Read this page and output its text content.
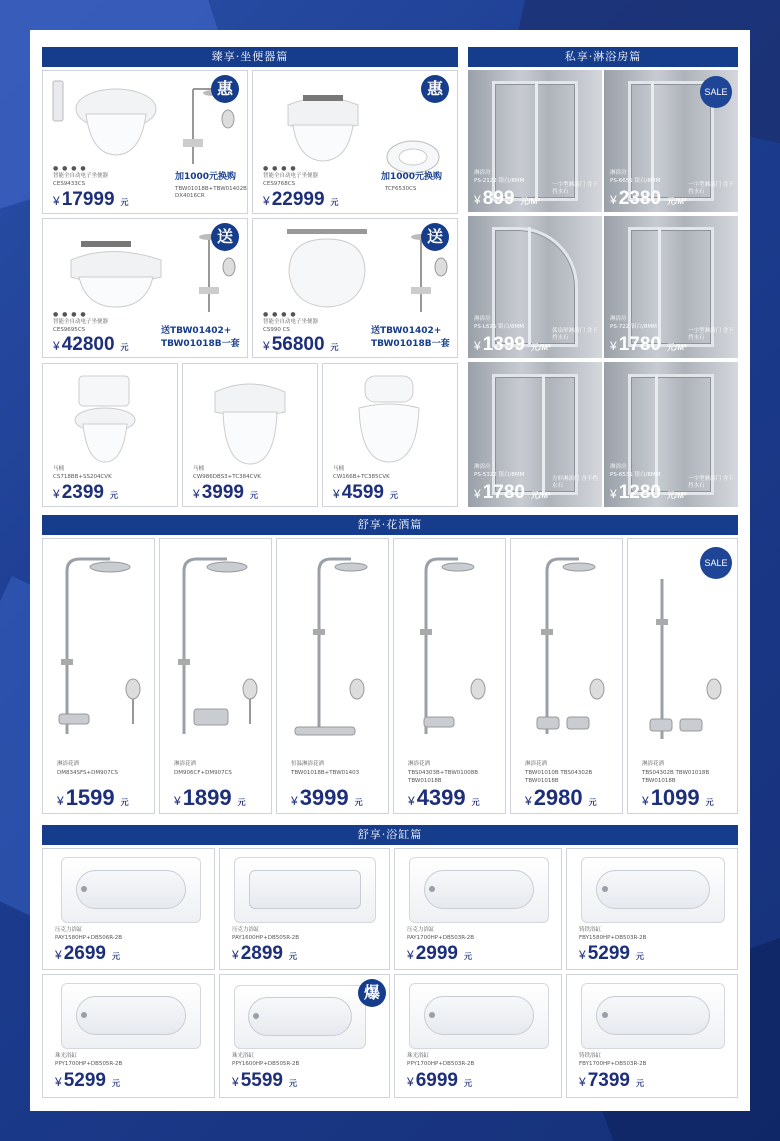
臻享·坐便器篇	私享·淋浴房篇
惠
● ● ● ●
智能全自动电子坐便器
CES9433CS
加1000元换购
TBW01018B+TBW01402B
DX4016CR
¥ 17999 元
惠
● ● ● ●
智能全自动电子坐便器
CES9768CS
加1000元换购
TCF6530CS
¥ 22999 元
送
● ● ● ●
智能全自动电子坐便器
CES9695CS	送TBW01402+
TBW01018B一套
¥ 42800 元
送
● ● ● ●
智能全自动电子坐便器
CS990 CS	送TBW01402+
TBW01018B一套
¥ 56800 元
马桶
CS718BB+SS204CVK
¥ 2399 元
马桶
CW986DBS3+TC384CVK
¥ 3999 元
马桶
CW166B+TC385CVK
¥ 4599 元
淋浴房
PS-2122 银白/8MM
一字型淋浴门 含下挡水石
¥ 899 元/M²
SALE
淋浴房
PS-6651 银白/8MM
一字型淋浴门 含下挡水石
¥ 2380 元/M²
淋浴房
PS-L625 银白/8MM
弧扇形淋浴门 含下挡水石
¥ 1399 元/M²
淋浴房
PS-722 银白/8MM
一字型淋浴门 含下挡水石
¥ 1780 元/M²
淋浴房
PS-5322 银白/8MM
方形淋浴门 含下挡水石
¥ 1780 元/M²
淋浴房
PS-6531 银白/8MM
一字型淋浴门 含下挡水石
¥ 1280 元/M²
舒享·花洒篇
淋浴花洒
DM834SFS+DM907CS
¥1599 元
淋浴花洒
DM906CF+DM907CS
¥1899 元
恒温淋浴花洒
TBW01018B+TBW01403
¥3999 元
淋浴花洒
TBS04303B+TBW01008B
TBW01018B
¥4399 元
淋浴花洒
TBW01010B TBS04302B
TBW01018B
¥2980 元
SALE
淋浴花洒
TBS04302B TBW01018B
TBW01018B
¥1099 元
舒享·浴缸篇
压克力浴缸
PAY1580HP+DB506R-2B
¥ 2699 元
压克力浴缸
PAY1600HP+DB505R-2B
¥ 2899 元
压克力浴缸
PAY1700HP+DB503R-2B
¥ 2999 元
铸铁浴缸
FBY1580HP+DB503R-2B
¥ 5299 元
珠光浴缸
PPY1700HP+DB505R-2B
¥ 5299 元
爆
珠光浴缸
PPY1600HP+DB505R-2B
¥ 5599 元
珠光浴缸
PPY1700HP+DB503R-2B
¥ 6999 元
铸铁浴缸
FBY1700HP+DB503R-2B
¥ 7399 元
